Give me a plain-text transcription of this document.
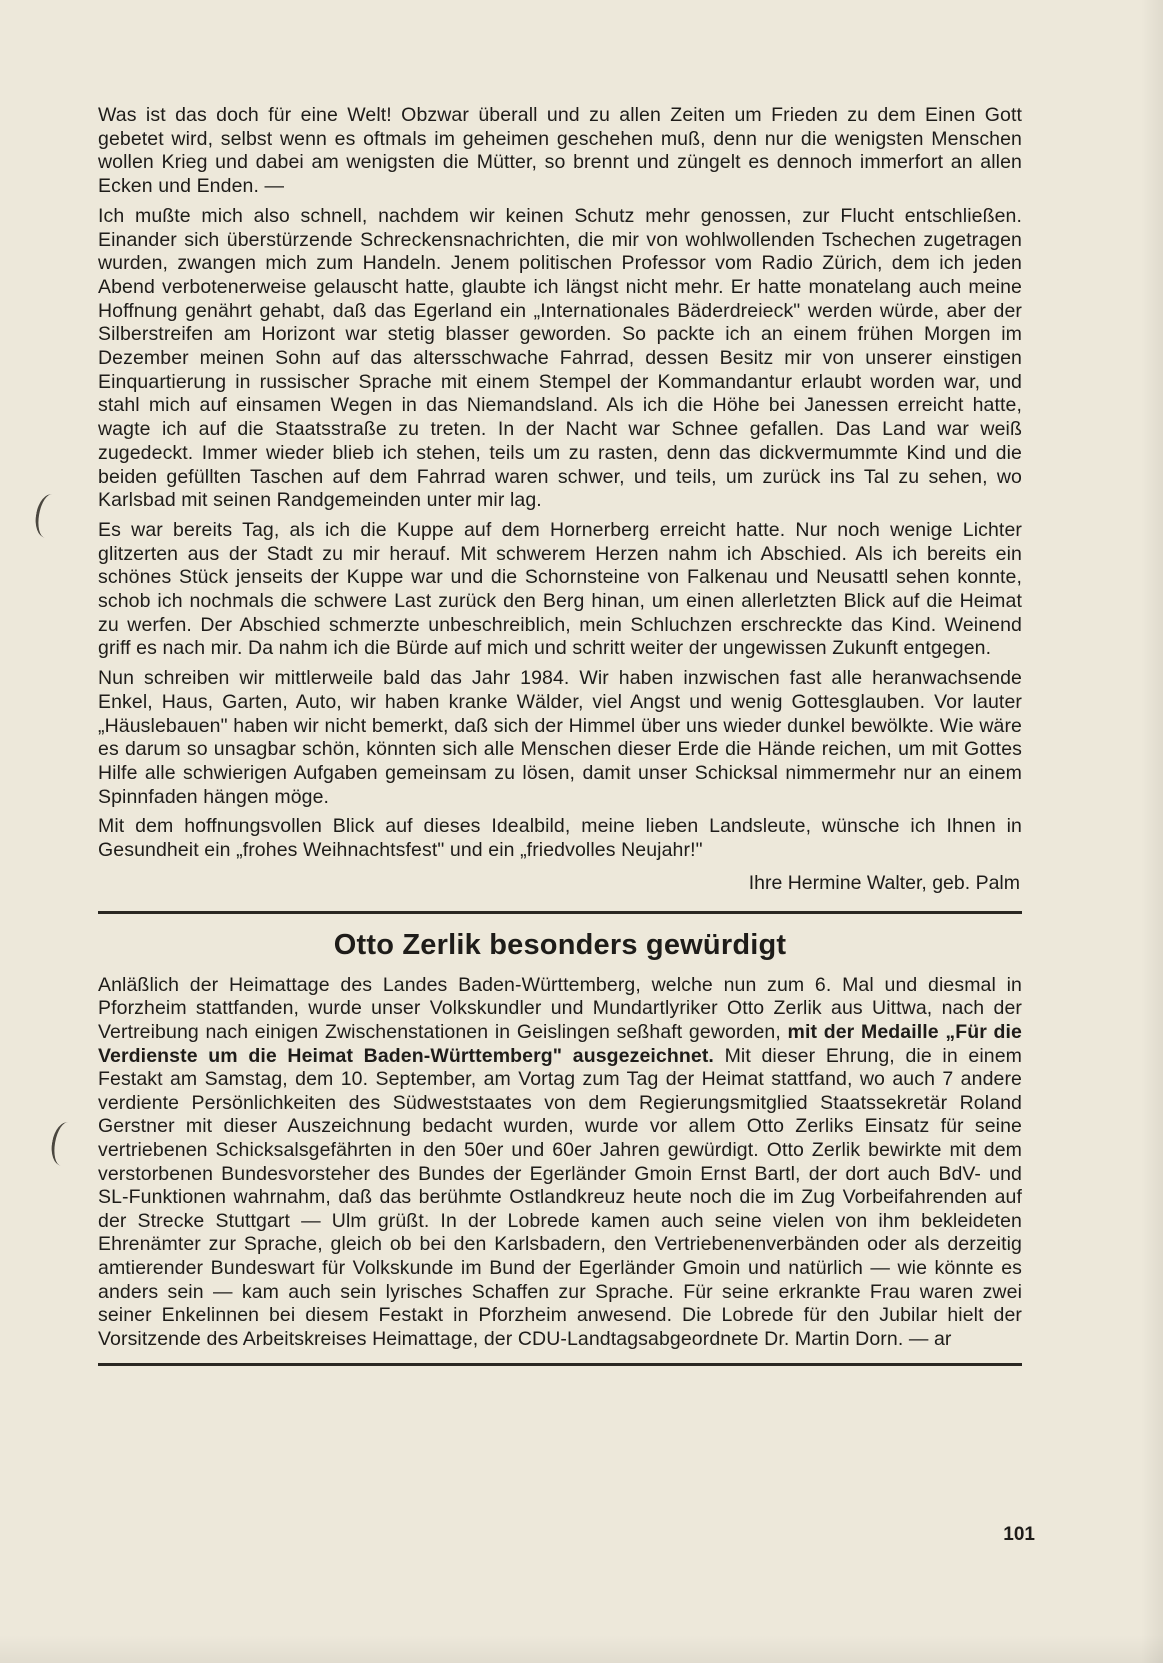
Was ist das doch für eine Welt! Obzwar überall und zu allen Zeiten um Frieden zu dem Einen Gott gebetet wird, selbst wenn es oftmals im geheimen geschehen muß, denn nur die wenigsten Menschen wollen Krieg und dabei am wenigsten die Mütter, so brennt und züngelt es dennoch immerfort an allen Ecken und Enden. —

Ich mußte mich also schnell, nachdem wir keinen Schutz mehr genossen, zur Flucht entschließen. Einander sich überstürzende Schreckensnachrichten, die mir von wohlwollenden Tschechen zugetragen wurden, zwangen mich zum Handeln. Jenem politischen Professor vom Radio Zürich, dem ich jeden Abend verbotenerweise gelauscht hatte, glaubte ich längst nicht mehr. Er hatte monatelang auch meine Hoffnung genährt gehabt, daß das Egerland ein „Internationales Bäderdreieck" werden würde, aber der Silberstreifen am Horizont war stetig blasser geworden. So packte ich an einem frühen Morgen im Dezember meinen Sohn auf das altersschwache Fahrrad, dessen Besitz mir von unserer einstigen Einquartierung in russischer Sprache mit einem Stempel der Kommandantur erlaubt worden war, und stahl mich auf einsamen Wegen in das Niemandsland. Als ich die Höhe bei Janessen erreicht hatte, wagte ich auf die Staatsstraße zu treten. In der Nacht war Schnee gefallen. Das Land war weiß zugedeckt. Immer wieder blieb ich stehen, teils um zu rasten, denn das dickvermummte Kind und die beiden gefüllten Taschen auf dem Fahrrad waren schwer, und teils, um zurück ins Tal zu sehen, wo Karlsbad mit seinen Randgemeinden unter mir lag.

Es war bereits Tag, als ich die Kuppe auf dem Hornerberg erreicht hatte. Nur noch wenige Lichter glitzerten aus der Stadt zu mir herauf. Mit schwerem Herzen nahm ich Abschied. Als ich bereits ein schönes Stück jenseits der Kuppe war und die Schornsteine von Falkenau und Neusattl sehen konnte, schob ich nochmals die schwere Last zurück den Berg hinan, um einen allerletzten Blick auf die Heimat zu werfen. Der Abschied schmerzte unbeschreiblich, mein Schluchzen erschreckte das Kind. Weinend griff es nach mir. Da nahm ich die Bürde auf mich und schritt weiter der ungewissen Zukunft entgegen.

Nun schreiben wir mittlerweile bald das Jahr 1984. Wir haben inzwischen fast alle heranwachsende Enkel, Haus, Garten, Auto, wir haben kranke Wälder, viel Angst und wenig Gottesglauben. Vor lauter „Häuslebauen" haben wir nicht bemerkt, daß sich der Himmel über uns wieder dunkel bewölkte. Wie wäre es darum so unsagbar schön, könnten sich alle Menschen dieser Erde die Hände reichen, um mit Gottes Hilfe alle schwierigen Aufgaben gemeinsam zu lösen, damit unser Schicksal nimmermehr nur an einem Spinnfaden hängen möge.

Mit dem hoffnungsvollen Blick auf dieses Idealbild, meine lieben Landsleute, wünsche ich Ihnen in Gesundheit ein „frohes Weihnachtsfest" und ein „friedvolles Neujahr!"

Ihre Hermine Walter, geb. Palm

Otto Zerlik besonders gewürdigt

Anläßlich der Heimattage des Landes Baden-Württemberg, welche nun zum 6. Mal und diesmal in Pforzheim stattfanden, wurde unser Volkskundler und Mundartlyriker Otto Zerlik aus Uittwa, nach der Vertreibung nach einigen Zwischenstationen in Geislingen seßhaft geworden, mit der Medaille „Für die Verdienste um die Heimat Baden-Württemberg" ausgezeichnet. Mit dieser Ehrung, die in einem Festakt am Samstag, dem 10. September, am Vortag zum Tag der Heimat stattfand, wo auch 7 andere verdiente Persönlichkeiten des Südweststaates von dem Regierungsmitglied Staatssekretär Roland Gerstner mit dieser Auszeichnung bedacht wurden, wurde vor allem Otto Zerliks Einsatz für seine vertriebenen Schicksalsgefährten in den 50er und 60er Jahren gewürdigt. Otto Zerlik bewirkte mit dem verstorbenen Bundesvorsteher des Bundes der Egerländer Gmoin Ernst Bartl, der dort auch BdV- und SL-Funktionen wahrnahm, daß das berühmte Ostlandkreuz heute noch die im Zug Vorbeifahrenden auf der Strecke Stuttgart — Ulm grüßt. In der Lobrede kamen auch seine vielen von ihm bekleideten Ehrenämter zur Sprache, gleich ob bei den Karlsbadern, den Vertriebenenverbänden oder als derzeitig amtierender Bundeswart für Volkskunde im Bund der Egerländer Gmoin und natürlich — wie könnte es anders sein — kam auch sein lyrisches Schaffen zur Sprache. Für seine erkrankte Frau waren zwei seiner Enkelinnen bei diesem Festakt in Pforzheim anwesend. Die Lobrede für den Jubilar hielt der Vorsitzende des Arbeitskreises Heimattage, der CDU-Landtagsabgeordnete Dr. Martin Dorn. — ar

101
